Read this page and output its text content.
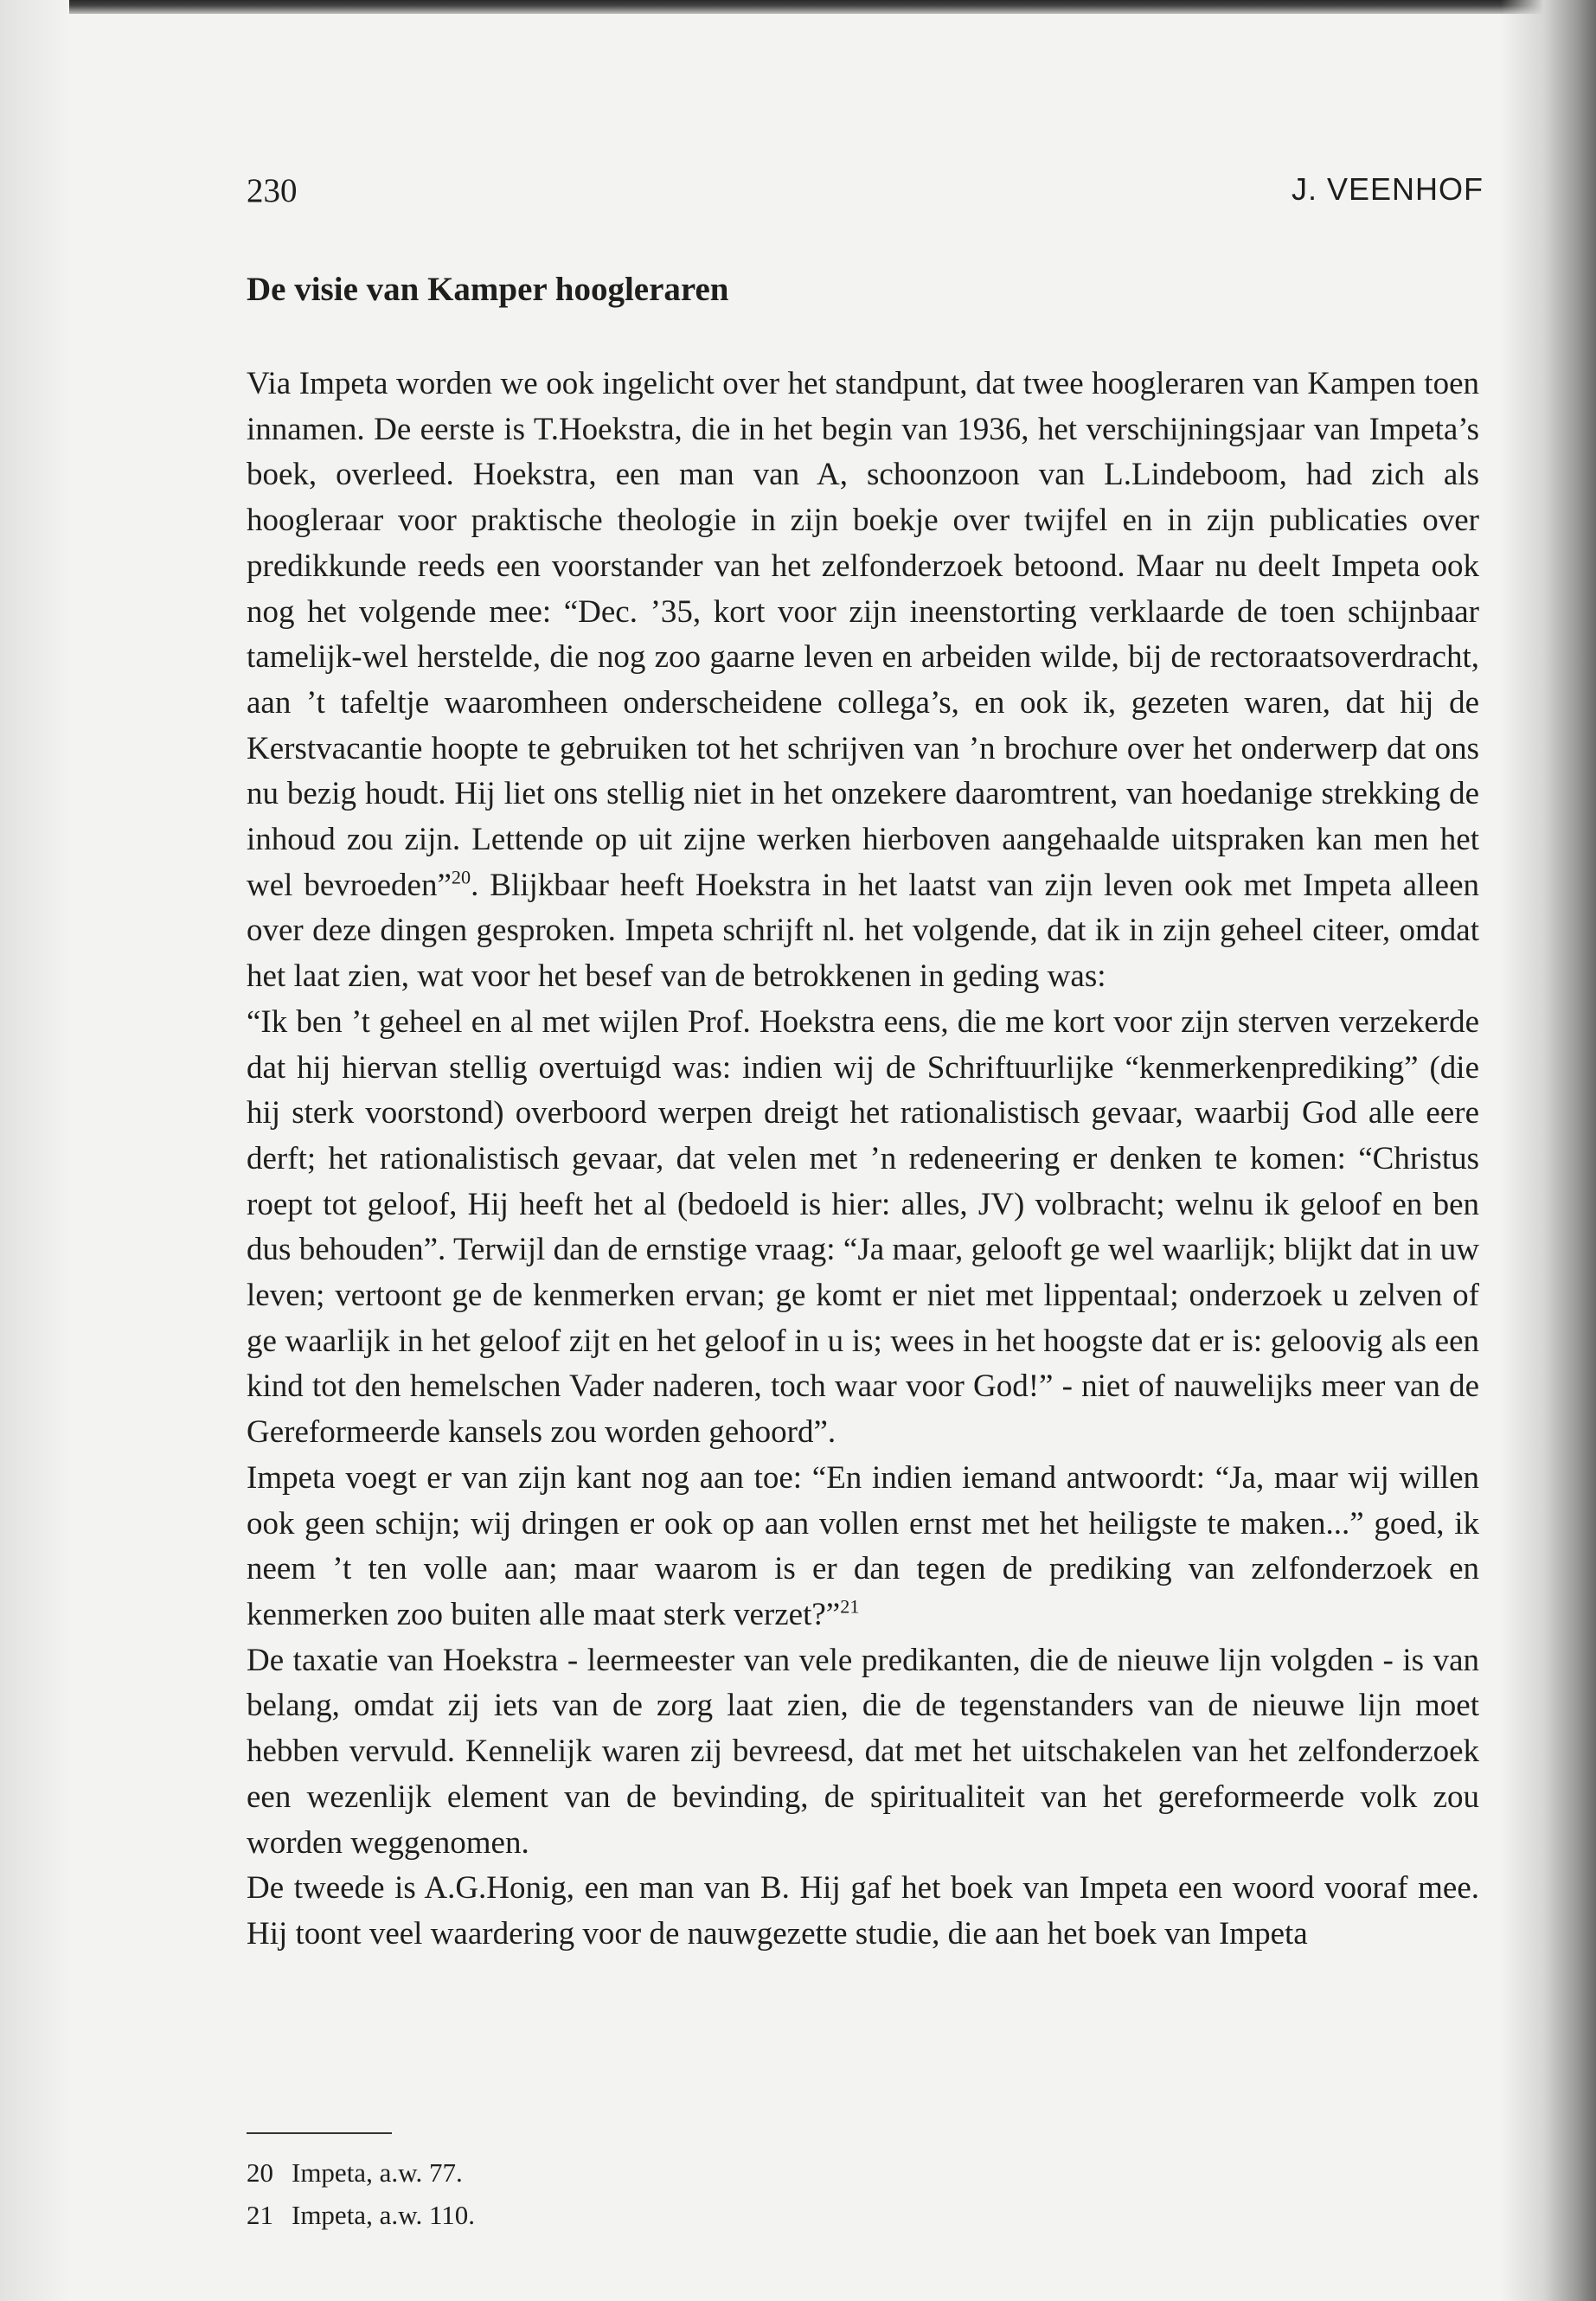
230	J. VEENHOF
De visie van Kamper hoogleraren

Via Impeta worden we ook ingelicht over het standpunt, dat twee hoogleraren van Kampen toen innamen. De eerste is T.Hoekstra, die in het begin van 1936, het verschijningsjaar van Impeta’s boek, overleed. Hoekstra, een man van A, schoonzoon van L.Lindeboom, had zich als hoogleraar voor praktische theologie in zijn boekje over twijfel en in zijn publicaties over predikkunde reeds een voorstander van het zelfonderzoek betoond. Maar nu deelt Impeta ook nog het volgende mee: “Dec. ’35, kort voor zijn ineenstorting verklaarde de toen schijnbaar tamelijk-wel herstelde, die nog zoo gaarne leven en arbeiden wilde, bij de rectoraatsoverdracht, aan ’t tafeltje waaromheen onderscheidene collega’s, en ook ik, gezeten waren, dat hij de Kerstvacantie hoopte te gebruiken tot het schrijven van ’n brochure over het onderwerp dat ons nu bezig houdt. Hij liet ons stellig niet in het onzekere daaromtrent, van hoedanige strekking de inhoud zou zijn. Lettende op uit zijne werken hierboven aangehaalde uitspraken kan men het wel bevroeden”$^{20}$. Blijkbaar heeft Hoekstra in het laatst van zijn leven ook met Impeta alleen over deze dingen gesproken. Impeta schrijft nl. het volgende, dat ik in zijn geheel citeer, omdat het laat zien, wat voor het besef van de betrokkenen in geding was:

“Ik ben ’t geheel en al met wijlen Prof. Hoekstra eens, die me kort voor zijn sterven verzekerde dat hij hiervan stellig overtuigd was: indien wij de Schriftuurlijke “kenmerkenprediking” (die hij sterk voorstond) overboord werpen dreigt het rationalistisch gevaar, waarbij God alle eere derft; het rationalistisch gevaar, dat velen met ’n redeneering er denken te komen: “Christus roept tot geloof, Hij heeft het al (bedoeld is hier: alles, JV) volbracht; welnu ik geloof en ben dus behouden”. Terwijl dan de ernstige vraag: “Ja maar, gelooft ge wel waarlijk; blijkt dat in uw leven; vertoont ge de kenmerken ervan; ge komt er niet met lippentaal; onderzoek u zelven of ge waarlijk in het geloof zijt en het geloof in u is; wees in het hoogste dat er is: geloovig als een kind tot den hemelschen Vader naderen, toch waar voor God!” - niet of nauwelijks meer van de Gereformeerde kansels zou worden gehoord”.

Impeta voegt er van zijn kant nog aan toe: “En indien iemand antwoordt: “Ja, maar wij willen ook geen schijn; wij dringen er ook op aan vollen ernst met het heiligste te maken...” goed, ik neem ’t ten volle aan; maar waarom is er dan tegen de prediking van zelfonderzoek en kenmerken zoo buiten alle maat sterk verzet?”$^{21}$

De taxatie van Hoekstra - leermeester van vele predikanten, die de nieuwe lijn volgden - is van belang, omdat zij iets van de zorg laat zien, die de tegenstanders van de nieuwe lijn moet hebben vervuld. Kennelijk waren zij bevreesd, dat met het uitschakelen van het zelfonderzoek een wezenlijk element van de bevinding, de spiritualiteit van het gereformeerde volk zou worden weggenomen.

De tweede is A.G.Honig, een man van B. Hij gaf het boek van Impeta een woord vooraf mee. Hij toont veel waardering voor de nauwgezette studie, die aan het boek van Impeta

20 Impeta, a.w. 77.
21 Impeta, a.w. 110.
